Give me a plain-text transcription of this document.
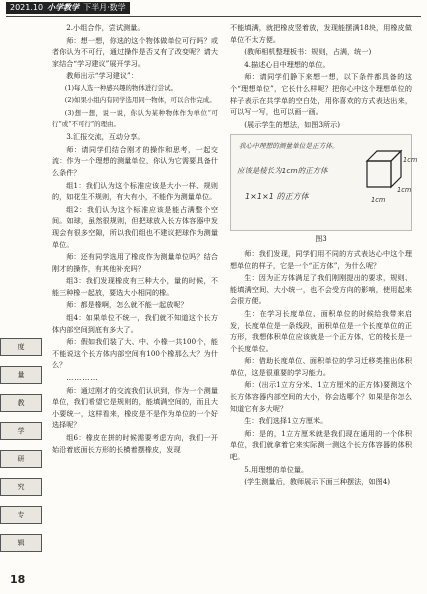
2021.10 小学教学 下半月·数学

2.小组合作，尝试测量。

师：想一想，你选的这个物体做单位可行吗？或者你认为不可行，通过操作是否又有了改变呢？请大家结合“学习建议”展开学习。

教师出示“学习建议”：

(1)每人选一种感兴趣的物体进行尝试。

(2)如果小组内有同学选用同一物体，可以合作完成。

(3)想一想，说一说，你认为某种物体作为单位“可行”或“不可行”的理由。

3.汇报交流，互动分享。

师：请同学们结合刚才的操作和思考，一起交流：作为一个理想的测量单位，你认为它需要具备什么条件？

组1：我们认为这个标准应该是大小一样、规则的，如花生不规则，有大有小，不能作为测量单位。

组2：我们认为这个标准应该是能占满整个空间。如球，虽然很规则，但把球放入长方体容器中发现会有很多空隙，所以我们组也不建议把球作为测量单位。

师：还有同学选用了橡皮作为测量单位吗？结合刚才的操作，有其他补充吗？

组3：我们发现橡皮有三种大小，量的时候，不能三种橡一起放，要选大小相同的橡。

师：都是橡啊，怎么就不能一起放呢？

组4：如果单位不统一，我们就不知道这个长方体内部空间到底有多大了。

师：假如我们装了大、中、小橡一共100个，能不能说这个长方体内部空间有100个橡那么大？为什么？

…………

师：通过刚才的交流我们认识到，作为一个测量单位，我们希望它是规则的，能填满空间的，而且大小要统一，这样看来，橡皮是不是作为单位的一个好选择呢？

组6：橡皮在拼的时候需要考虑方向，我们一开始沿着底面长方形的长横着摆橡皮，发现

不能填满，就把橡皮竖着放，发现能摆满18块，用橡皮做单位不太方便。

(教师相机整理板书：规则，占满，统一)

4.描述心目中理想的单位。

师：请同学们静下来想一想，以下条件都具备的这个“理想单位”，它长什么样呢？把你心中这个理想单位的样子表示在共学单的空白处，用你喜欢的方式表达出来，可以写一写，也可以画一画。

(展示学生的想法，如图3所示)

我心中理想的测量单位是正方体。
应该是棱长为1cm的正方体
1×1×1 的正方体	1cm
1cm
1cm
图3

师：我们发现，同学们用不同的方式表达心中这个理想单位的样子，它是一个“正方体”，为什么呢？

生：因为正方体满足了我们刚刚提出的要求，规则、能填满空间、大小统一，也不会受方向的影响，使用起来会很方便。

生：在学习长度单位、面积单位的时候给我带来启发，长度单位是一条线段，面积单位是一个长度单位的正方形，我想体积单位应该就是一个正方体，它的棱长是一个长度单位。

师：借助长度单位、面积单位的学习迁移类推出体积单位，这是很重要的学习能力。

师：(出示1立方分米、1立方厘米的正方体)要测这个长方体容器内部空间的大小，你会选哪个？如果是你怎么知道它有多大呢？

生：我们选择1立方厘米。

师：是的，1立方厘米就是我们现在通用的一个体积单位，我们就拿着它来实际测一测这个长方体容器的体积吧。

5.用理想的单位量。

(学生测量后，教师展示下面三种摆法，如图4)

度
量
教
学
研
究
专
辑
18
